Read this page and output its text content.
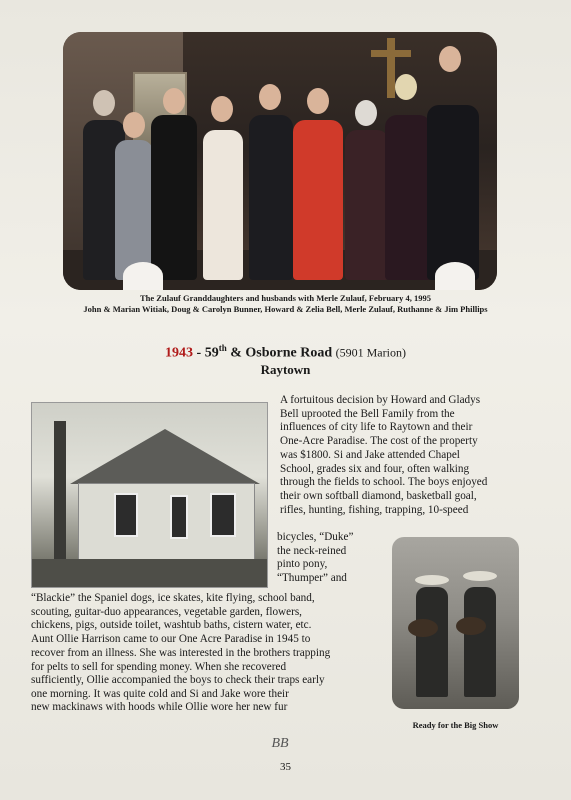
The Zulauf Granddaughters and husbands with Merle Zulauf, February 4, 1995
John & Marian Witiak, Doug & Carolyn Bunner, Howard & Zelia Bell, Merle Zulauf, Ruthanne & Jim Phillips
1943 - 59th & Osborne Road (5901 Marion)
Raytown

A fortuitous decision by Howard and Gladys
Bell uprooted the Bell Family from the
influences of city life to Raytown and their
One-Acre Paradise. The cost of the property
was $1800. Si and Jake attended Chapel
School, grades six and four, often walking
through the fields to school. The boys enjoyed
their own softball diamond, basketball goal,
rifles, hunting, fishing, trapping, 10-speed

bicycles, “Duke”
the neck-reined
pinto pony,
“Thumper” and

Ready for the Big Show

“Blackie” the Spaniel dogs, ice skates, kite flying, school band,
scouting, guitar-duo appearances, vegetable garden, flowers,
chickens, pigs, outside toilet, washtub baths, cistern water, etc.
Aunt Ollie Harrison came to our One Acre Paradise in 1945 to
recover from an illness. She was interested in the brothers trapping
for pelts to sell for spending money. When she recovered

sufficiently, Ollie accompanied the boys to check their traps early
one morning. It was quite cold and Si and Jake wore their
new mackinaws with hoods while Ollie wore her new fur

BB
35
